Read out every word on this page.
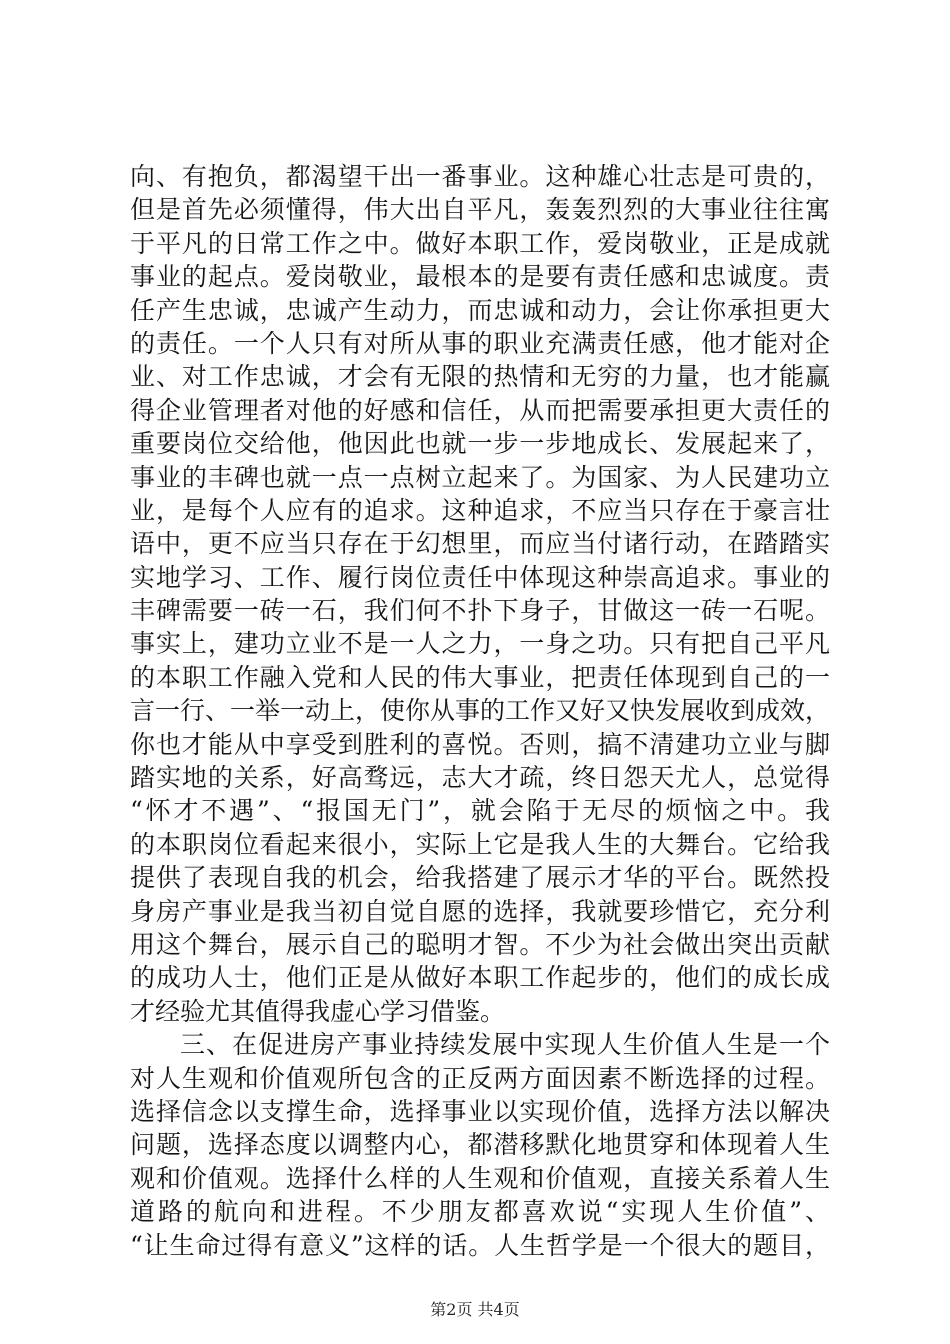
向、有抱负，都渴望干出一番事业。这种雄心壮志是可贵的，
但是首先必须懂得，伟大出自平凡，轰轰烈烈的大事业往往寓
于平凡的日常工作之中。做好本职工作，爱岗敬业，正是成就
事业的起点。爱岗敬业，最根本的是要有责任感和忠诚度。责
任产生忠诚，忠诚产生动力，而忠诚和动力，会让你承担更大
的责任。一个人只有对所从事的职业充满责任感，他才能对企
业、对工作忠诚，才会有无限的热情和无穷的力量，也才能赢
得企业管理者对他的好感和信任，从而把需要承担更大责任的
重要岗位交给他，他因此也就一步一步地成长、发展起来了，
事业的丰碑也就一点一点树立起来了。为国家、为人民建功立
业，是每个人应有的追求。这种追求，不应当只存在于豪言壮
语中，更不应当只存在于幻想里，而应当付诸行动，在踏踏实
实地学习、工作、履行岗位责任中体现这种崇高追求。事业的
丰碑需要一砖一石，我们何不扑下身子，甘做这一砖一石呢。
事实上，建功立业不是一人之力，一身之功。只有把自己平凡
的本职工作融入党和人民的伟大事业，把责任体现到自己的一
言一行、一举一动上，使你从事的工作又好又快发展收到成效，
你也才能从中享受到胜利的喜悦。否则，搞不清建功立业与脚
踏实地的关系，好高骛远，志大才疏，终日怨天尤人，总觉得
“怀才不遇”、“报国无门”，就会陷于无尽的烦恼之中。我
的本职岗位看起来很小，实际上它是我人生的大舞台。它给我
提供了表现自我的机会，给我搭建了展示才华的平台。既然投
身房产事业是我当初自觉自愿的选择，我就要珍惜它，充分利
用这个舞台，展示自己的聪明才智。不少为社会做出突出贡献
的成功人士，他们正是从做好本职工作起步的，他们的成长成
才经验尤其值得我虚心学习借鉴。
三、在促进房产事业持续发展中实现人生价值人生是一个
对人生观和价值观所包含的正反两方面因素不断选择的过程。
选择信念以支撑生命，选择事业以实现价值，选择方法以解决
问题，选择态度以调整内心，都潜移默化地贯穿和体现着人生
观和价值观。选择什么样的人生观和价值观，直接关系着人生
道路的航向和进程。不少朋友都喜欢说“实现人生价值”、
“让生命过得有意义”这样的话。人生哲学是一个很大的题目，
第2页 共4页
